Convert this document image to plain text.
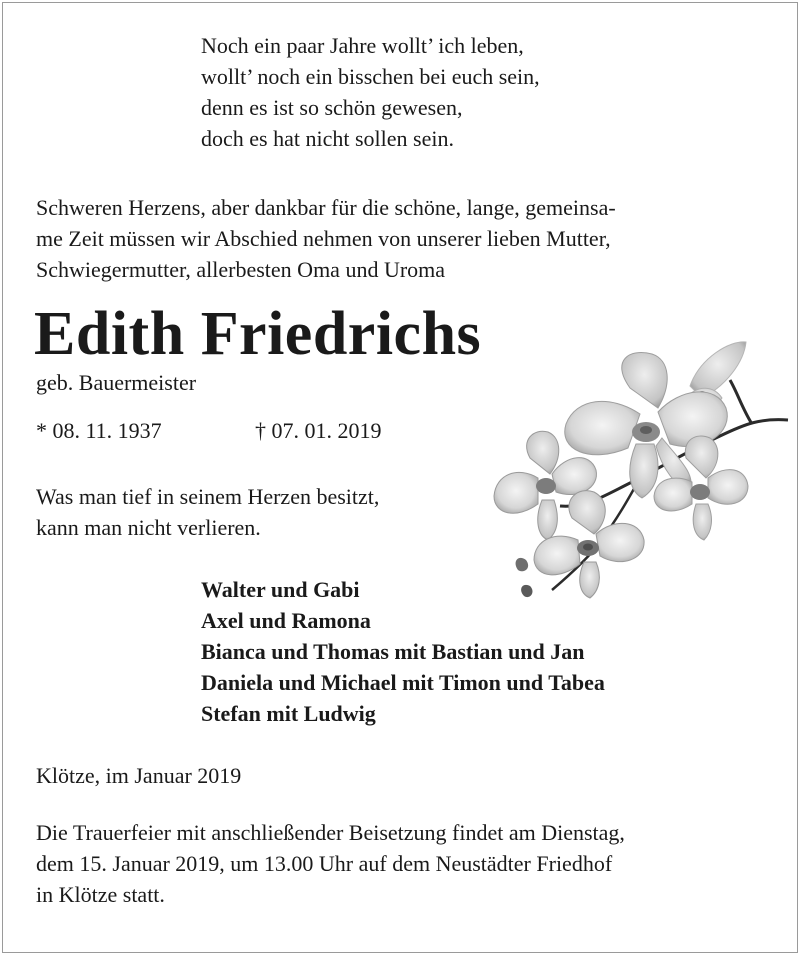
Noch ein paar Jahre wollt’ ich leben,
wollt’ noch ein bisschen bei euch sein,
denn es ist so schön gewesen,
doch es hat nicht sollen sein.
Schweren Herzens, aber dankbar für die schöne, lange, gemeinsa-
me Zeit müssen wir Abschied nehmen von unserer lieben Mutter,
Schwiegermutter, allerbesten Oma und Uroma
Edith Friedrichs
geb. Bauermeister
* 08. 11. 1937	† 07. 01. 2019
Was man tief in seinem Herzen besitzt,
kann man nicht verlieren.
Walter und Gabi
Axel und Ramona
Bianca und Thomas mit Bastian und Jan
Daniela und Michael mit Timon und Tabea
Stefan mit Ludwig
Klötze, im Januar 2019
Die Trauerfeier mit anschließender Beisetzung findet am Dienstag,
dem 15. Januar 2019, um 13.00 Uhr auf dem Neustädter Friedhof
in Klötze statt.
